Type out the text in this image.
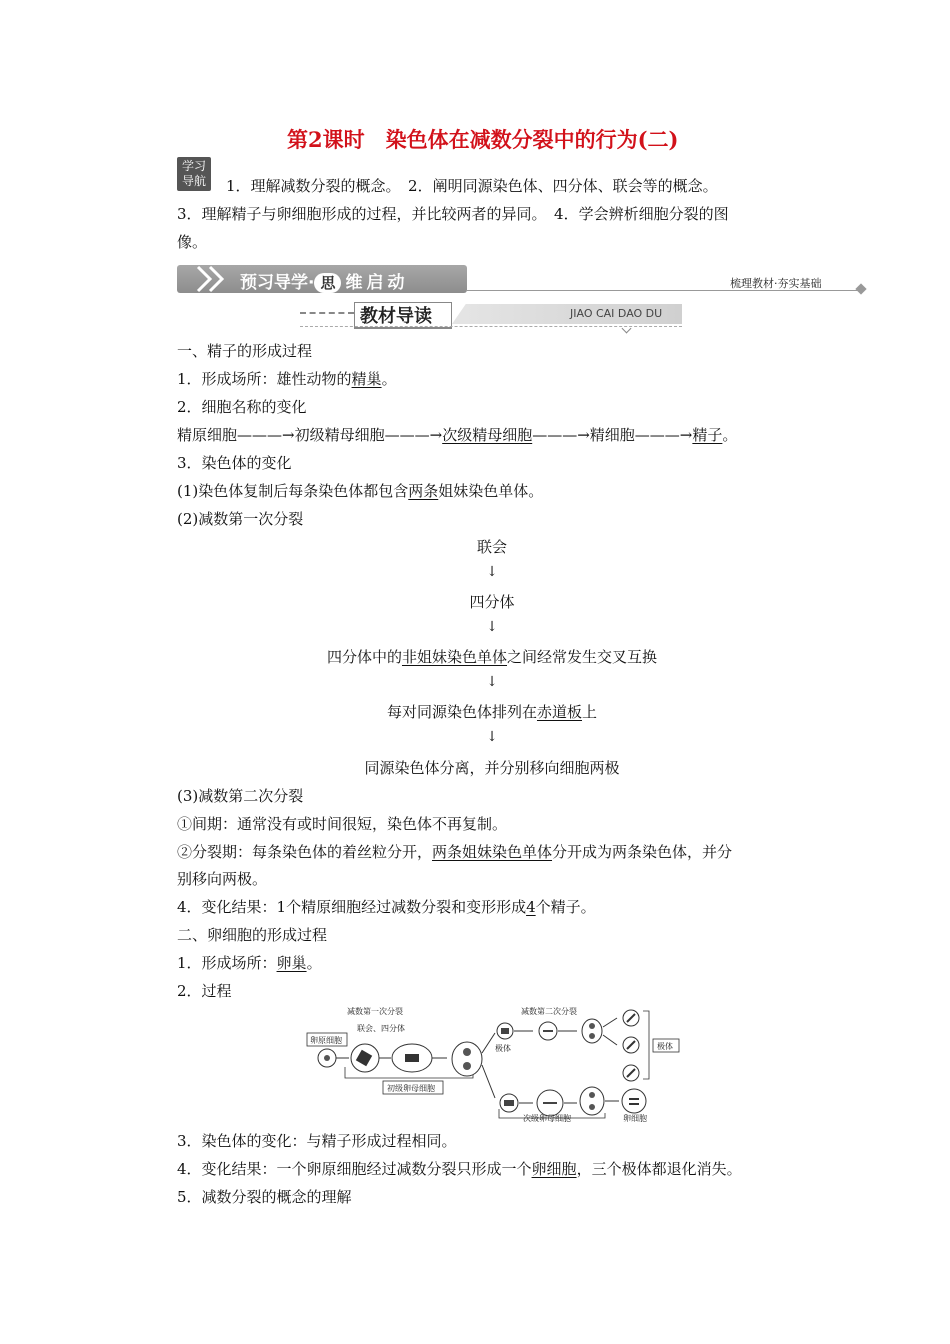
第2课时　染色体在减数分裂中的行为(二)
学习
导航	1．理解减数分裂的概念。　2．阐明同源染色体、四分体、联会等的概念。
3．理解精子与卵细胞形成的过程，并比较两者的异同。　4．学会辨析细胞分裂的图
像。
预习导学· 思 维 启 动	梳理教材·夯实基础
教材导读	JIAO CAI DAO DU
一、精子的形成过程
1．形成场所：雄性动物的精巢。
2．细胞名称的变化
精原细胞———→初级精母细胞———→次级精母细胞———→精细胞———→精子。
3．染色体的变化
(1)染色体复制后每条染色体都包含两条姐妹染色单体。
(2)减数第一次分裂
联会
↓
四分体
↓
四分体中的非姐妹染色单体之间经常发生交叉互换
↓
每对同源染色体排列在赤道板上
↓
同源染色体分离，并分别移向细胞两极
(3)减数第二次分裂
①间期：通常没有或时间很短，染色体不再复制。
②分裂期：每条染色体的着丝粒分开，两条姐妹染色单体分开成为两条染色体，并分
别移向两极。
4．变化结果：1个精原细胞经过减数分裂和变形形成4个精子。
二、卵细胞的形成过程
1．形成场所：卵巢。
2．过程
减数第一次分裂
联会、四分体
减数第二次分裂
卵原细胞
初级卵母细胞
极体	极体
次级卵母细胞	卵细胞
3．染色体的变化：与精子形成过程相同。
4．变化结果：一个卵原细胞经过减数分裂只形成一个卵细胞，三个极体都退化消失。
5．减数分裂的概念的理解
